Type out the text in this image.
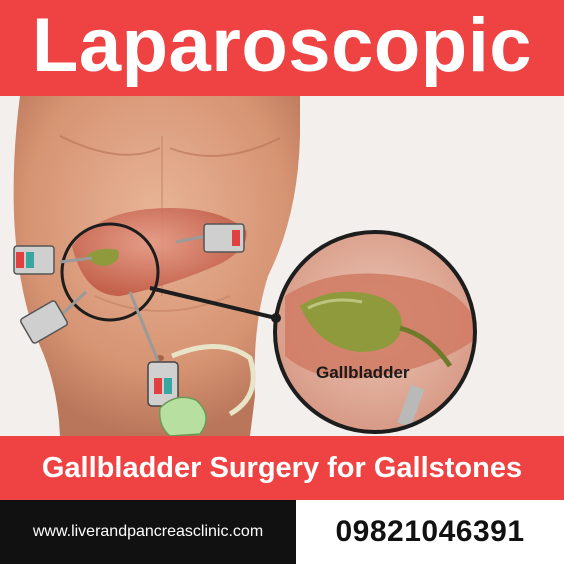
Laparoscopic
Gallbladder
Gallbladder Surgery for Gallstones
www.liverandpancreasclinic.com 09821046391
